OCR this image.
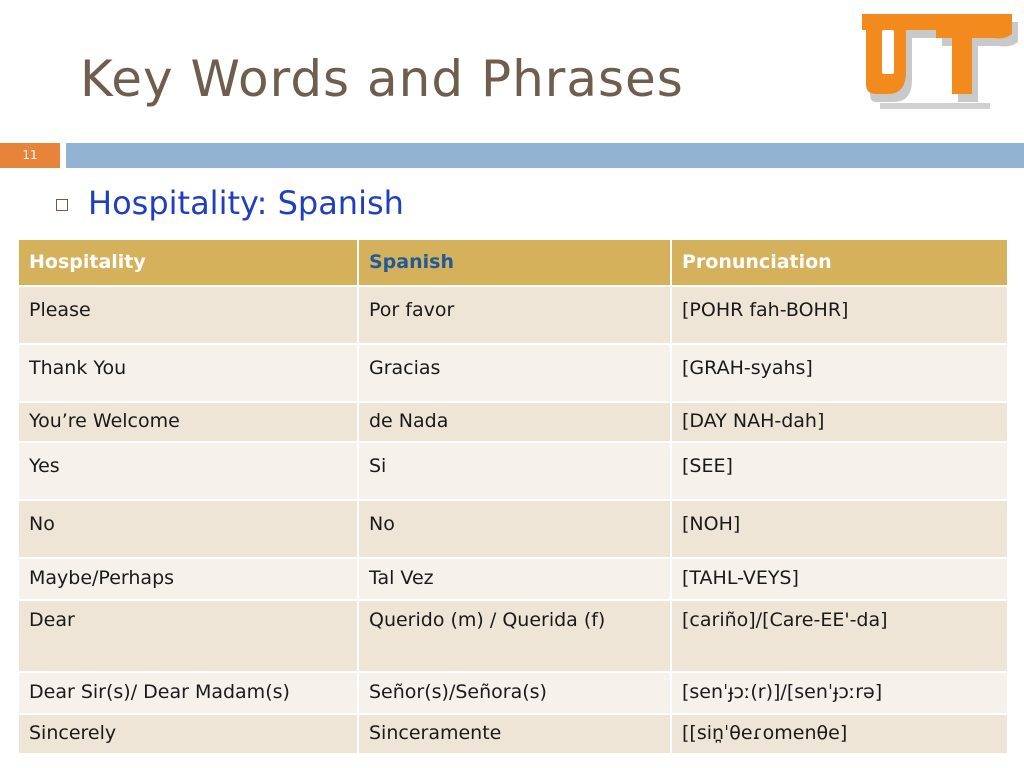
Key Words and Phrases
11
Hospitality: Spanish
Hospitality	Spanish	Pronunciation
Please	Por favor	[POHR fah-BOHR]
Thank You	Gracias	[GRAH-syahs]
You’re Welcome	de Nada	[DAY NAH-dah]
Yes	Si	[SEE]
No	No	[NOH]
Maybe/Perhaps	Tal Vez	[TAHL-VEYS]
Dear	Querido (m) / Querida (f)	[cariño]/[Care-EE'-da]
Dear Sir(s)/ Dear Madam(s)	Señor(s)/Señora(s)	[senˈɟɔː(r)]/[senˈɟɔːrə]
Sincerely	Sinceramente	[[sin̪ˈθeɾomenθe]
